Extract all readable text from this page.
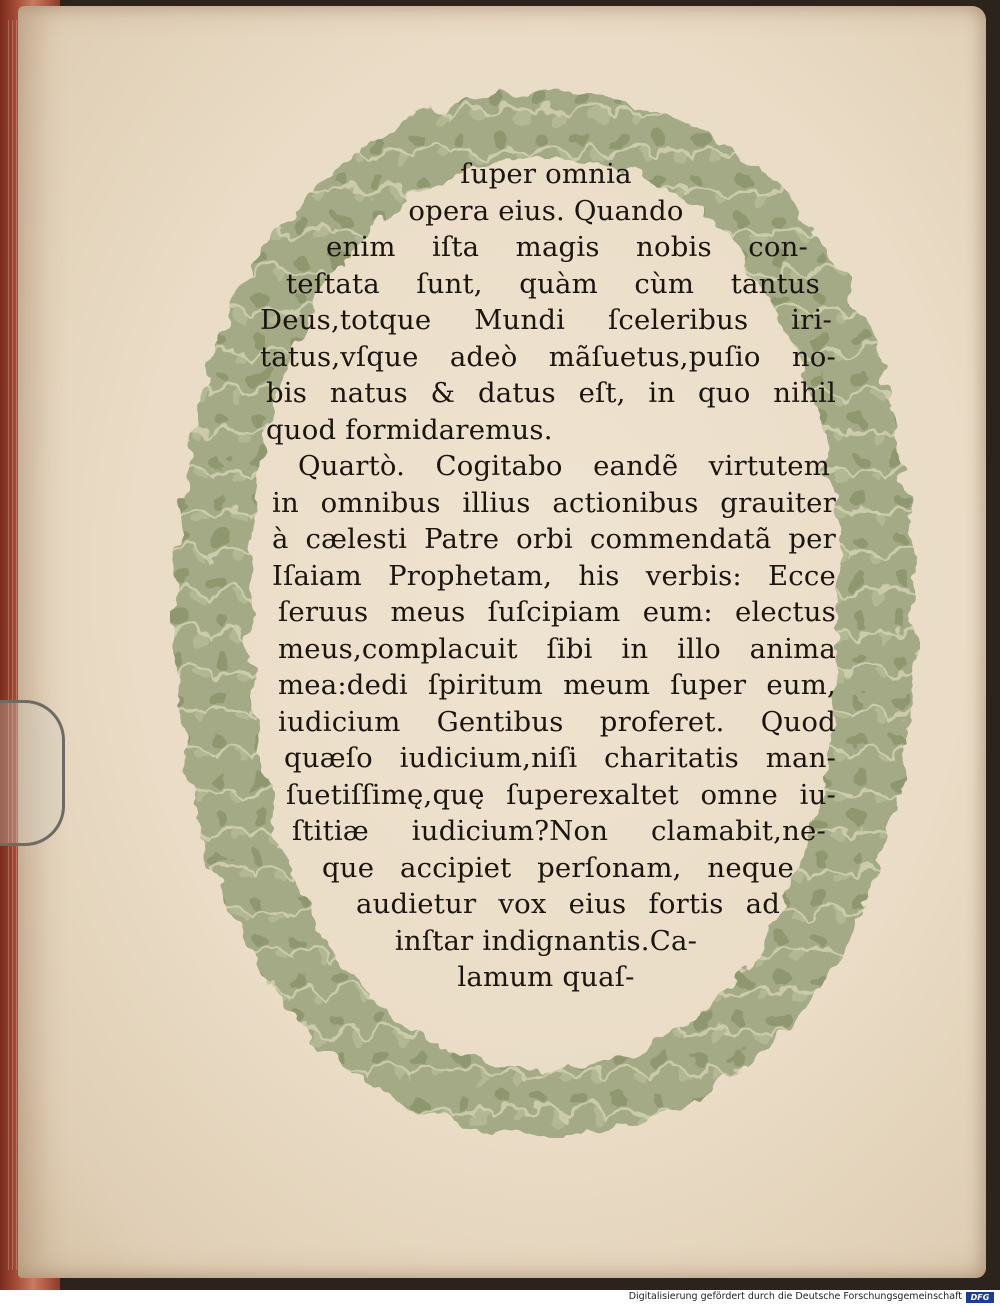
ſuper omnia
opera eius. Quando
enim iſta magis nobis con-
teſtata ſunt, quàm cùm tantus
Deus,totque Mundi ſceleribus iri-
tatus,vſque adeò mãſuetus,puſio no-
bis natus & datus eſt, in quo nihil
quod formidaremus.
Quartò. Cogitabo eandẽ virtutem
in omnibus illius actionibus grauiter
à cælesti Patre orbi commendatã per
Iſaiam Prophetam, his verbis: Ecce
ſeruus meus ſuſcipiam eum: electus
meus,complacuit ſibi in illo anima
mea:dedi ſpiritum meum ſuper eum,
iudicium Gentibus proferet. Quod
quæſo iudicium,niſi charitatis man-
ſuetiſſimę,quę ſuperexaltet omne iu-
ſtitiæ iudicium?Non clamabit,ne-
que accipiet perſonam, neque
audietur vox eius fortis ad
inſtar indignantis.Ca-
lamum quaſ-
Digitalisierung gefördert durch die Deutsche Forschungsgemeinschaft	DFG
